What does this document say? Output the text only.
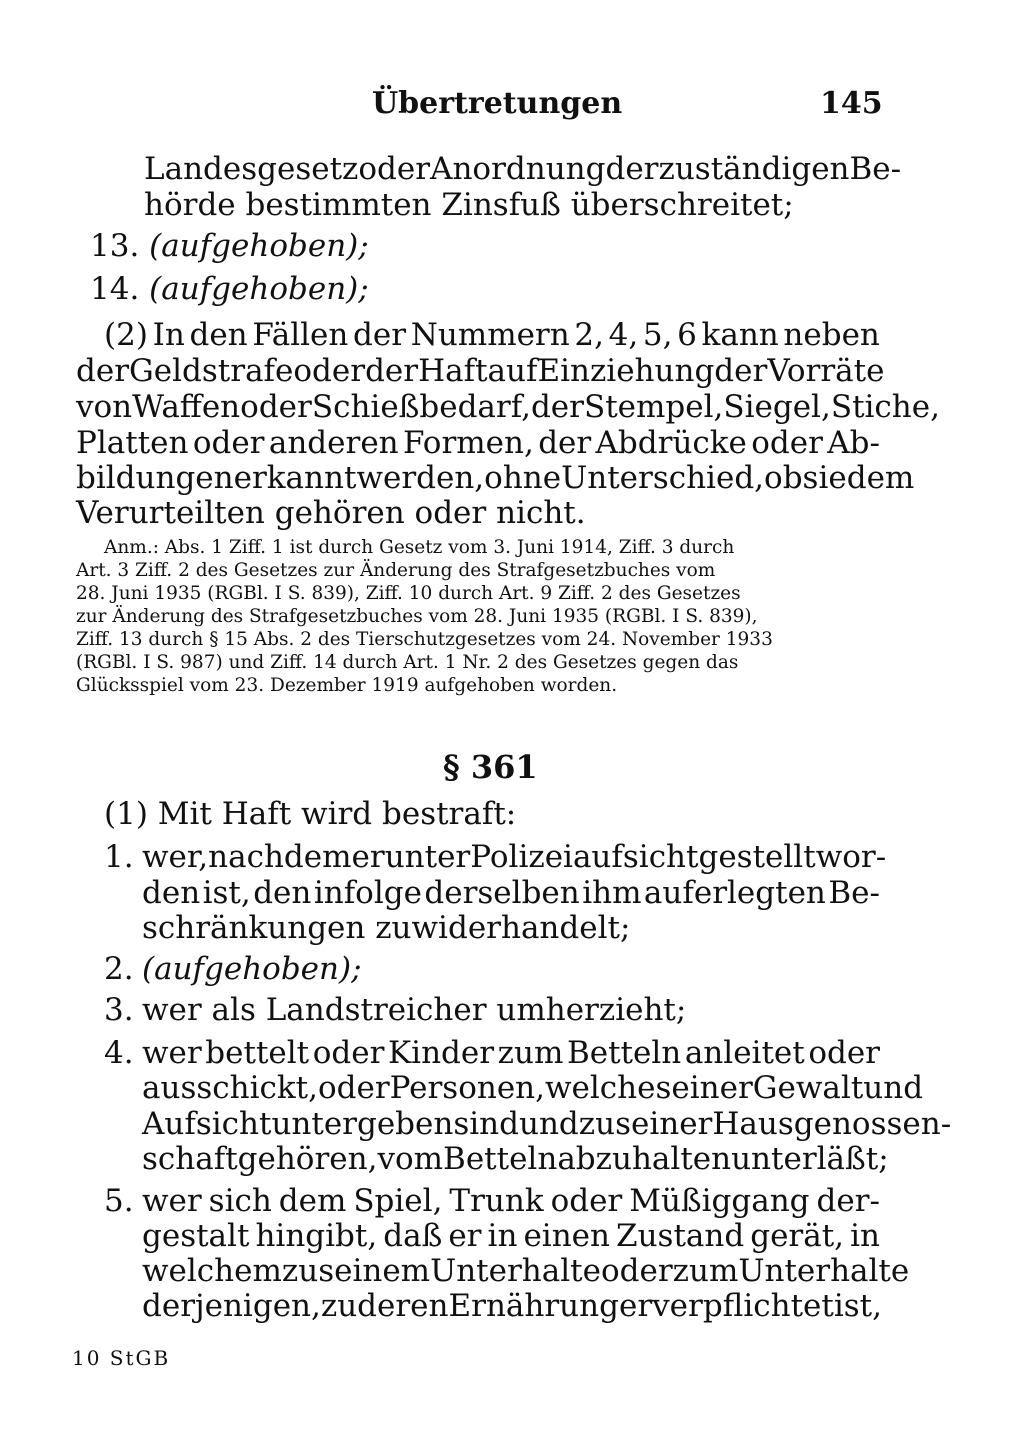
Übertretungen	145
Landesgesetz oder Anordnung der zuständigen Be-
hörde bestimmten Zinsfuß überschreitet;
13. (aufgehoben);
14. (aufgehoben);
(2) In den Fällen der Nummern 2, 4, 5, 6 kann neben
der Geldstrafe oder der Haft auf Einziehung der Vorräte
von Waffen oder Schießbedarf, der Stempel, Siegel, Stiche,
Platten oder anderen Formen, der Abdrücke oder Ab-
bildungen erkannt werden, ohne Unterschied, ob sie dem
Verurteilten gehören oder nicht.
Anm.: Abs. 1 Ziff. 1 ist durch Gesetz vom 3. Juni 1914, Ziff. 3 durch
Art. 3 Ziff. 2 des Gesetzes zur Änderung des Strafgesetzbuches vom
28. Juni 1935 (RGBl. I S. 839), Ziff. 10 durch Art. 9 Ziff. 2 des Gesetzes
zur Änderung des Strafgesetzbuches vom 28. Juni 1935 (RGBl. I S. 839),
Ziff. 13 durch § 15 Abs. 2 des Tierschutzgesetzes vom 24. November 1933
(RGBl. I S. 987) und Ziff. 14 durch Art. 1 Nr. 2 des Gesetzes gegen das
Glücksspiel vom 23. Dezember 1919 aufgehoben worden.
§ 361
(1) Mit Haft wird bestraft:
1. wer, nachdem er unter Polizeiaufsicht gestellt wor-
den ist, den infolge derselben ihm auferlegten Be-
schränkungen zuwiderhandelt;
2. (aufgehoben);
3. wer als Landstreicher umherzieht;
4. wer bettelt oder Kinder zum Betteln anleitet oder
ausschickt, oder Personen, welche seiner Gewalt und
Aufsicht untergeben sind und zu seiner Hausgenossen-
schaft gehören, vom Betteln abzuhalten unterläßt;
5. wer sich dem Spiel, Trunk oder Müßiggang der-
gestalt hingibt, daß er in einen Zustand gerät, in
welchem zu seinem Unterhalte oder zum Unterhalte
derjenigen, zu deren Ernährung er verpflichtet ist,
10 StGB
